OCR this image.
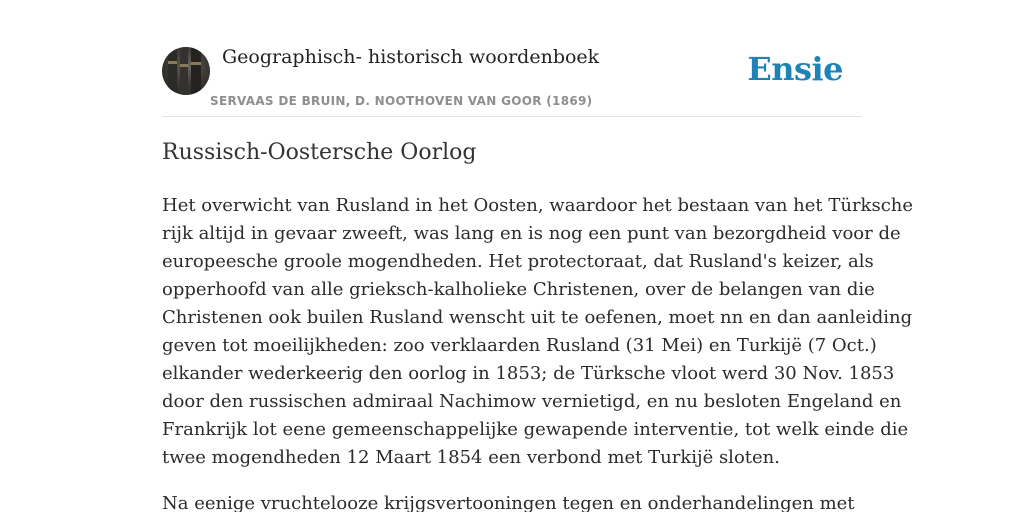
Geographisch- historisch woordenboek
SERVAAS DE BRUIN, D. NOOTHOVEN VAN GOOR (1869)
Ensie
Russisch-Oostersche Oorlog

Het overwicht van Rusland in het Oosten, waardoor het bestaan van het Türksche
rijk altijd in gevaar zweeft, was lang en is nog een punt van bezorgdheid voor de
europeesche groole mogendheden. Het protectoraat, dat Rusland's keizer, als
opperhoofd van alle grieksch-kalholieke Christenen, over de belangen van die
Christenen ook builen Rusland wenscht uit te oefenen, moet nn en dan aanleiding
geven tot moeilijkheden: zoo verklaarden Rusland (31 Mei) en Turkijë (7 Oct.)
elkander wederkeerig den oorlog in 1853; de Türksche vloot werd 30 Nov. 1853
door den russischen admiraal Nachimow vernietigd, en nu besloten Engeland en
Frankrijk lot eene gemeenschappelijke gewapende interventie, tot welk einde die
twee mogendheden 12 Maart 1854 een verbond met Turkijë sloten.

Na eenige vruchtelooze krijgsvertooningen tegen en onderhandelingen met
